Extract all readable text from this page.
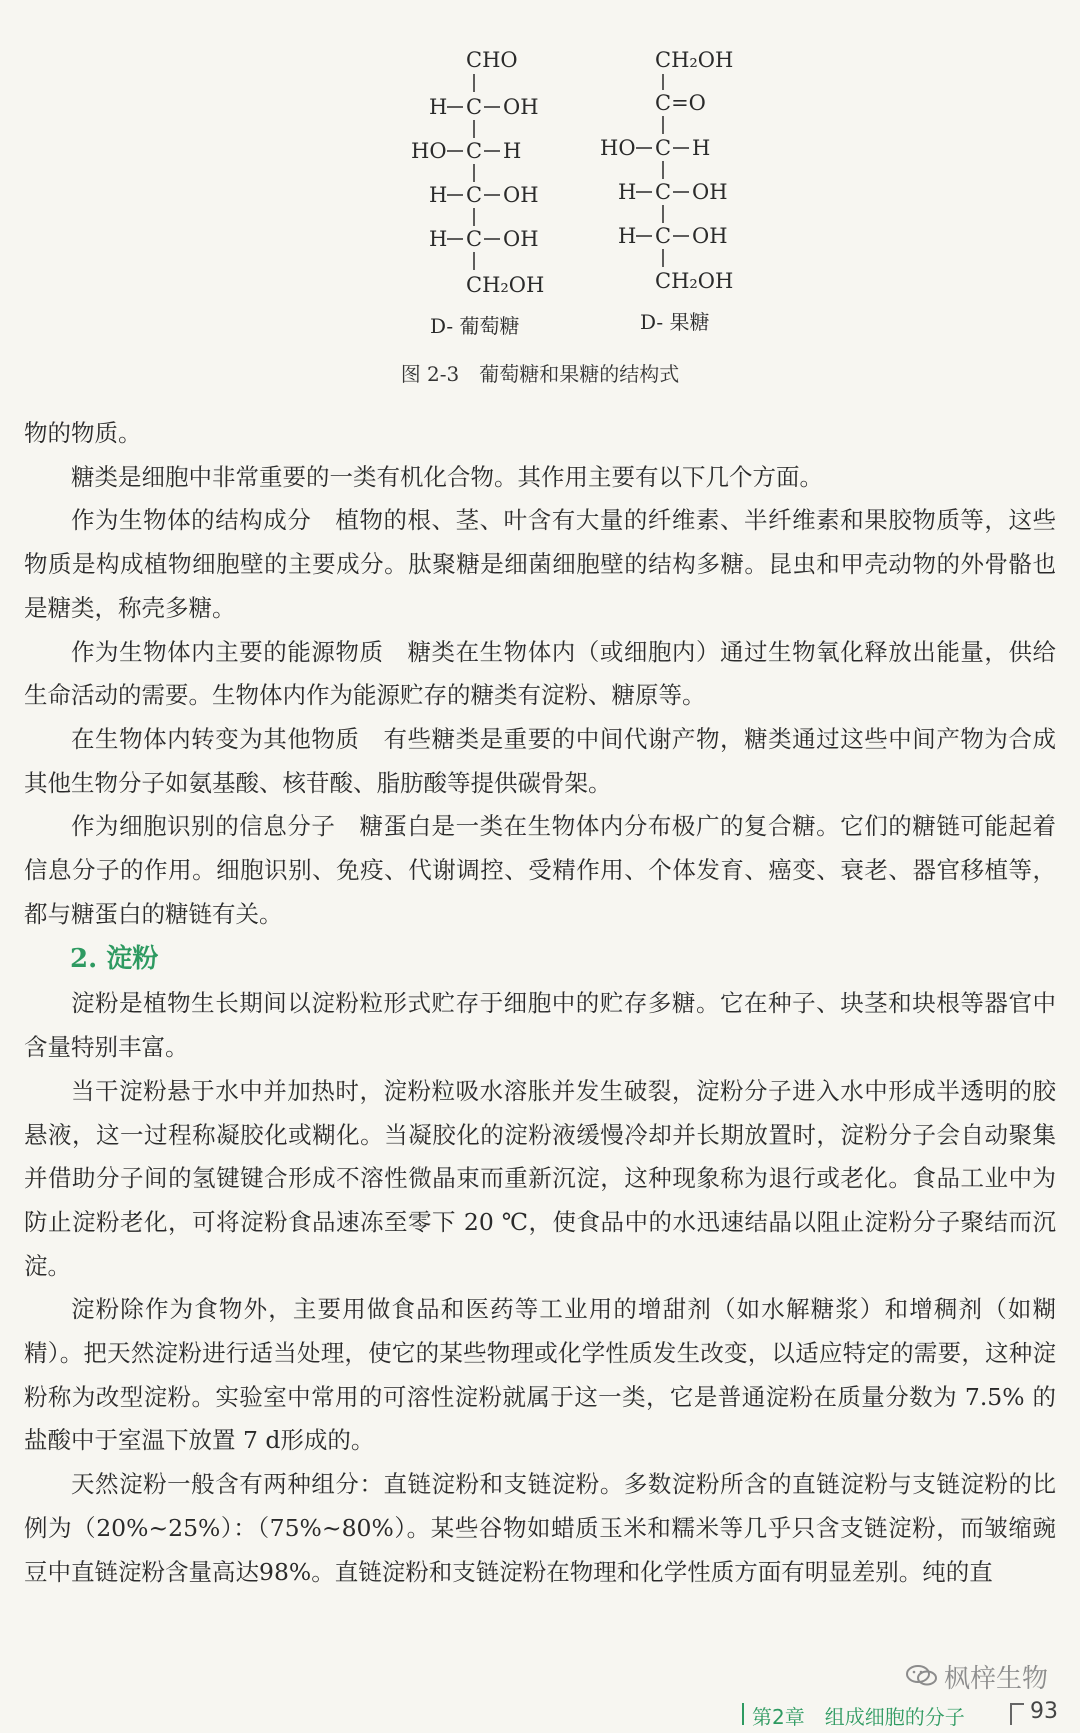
CHO
H C OH
HO C H
H C OH
H C OH
CH₂OH
D- 葡萄糖
CH₂OH
C=O
HO C H
H C OH
H C OH
CH₂OH
D- 果糖
图 2-3　葡萄糖和果糖的结构式

物的物质。

糖类是细胞中非常重要的一类有机化合物。其作用主要有以下几个方面。

作为生物体的结构成分　植物的根、茎、叶含有大量的纤维素、半纤维素和果胶物质等，这些物质是构成植物细胞壁的主要成分。肽聚糖是细菌细胞壁的结构多糖。昆虫和甲壳动物的外骨骼也是糖类，称壳多糖。

作为生物体内主要的能源物质　糖类在生物体内（或细胞内）通过生物氧化释放出能量，供给生命活动的需要。生物体内作为能源贮存的糖类有淀粉、糖原等。

在生物体内转变为其他物质　有些糖类是重要的中间代谢产物，糖类通过这些中间产物为合成其他生物分子如氨基酸、核苷酸、脂肪酸等提供碳骨架。

作为细胞识别的信息分子　糖蛋白是一类在生物体内分布极广的复合糖。它们的糖链可能起着信息分子的作用。细胞识别、免疫、代谢调控、受精作用、个体发育、癌变、衰老、器官移植等，都与糖蛋白的糖链有关。

2. 淀粉

淀粉是植物生长期间以淀粉粒形式贮存于细胞中的贮存多糖。它在种子、块茎和块根等器官中含量特别丰富。

当干淀粉悬于水中并加热时，淀粉粒吸水溶胀并发生破裂，淀粉分子进入水中形成半透明的胶悬液，这一过程称凝胶化或糊化。当凝胶化的淀粉液缓慢冷却并长期放置时，淀粉分子会自动聚集并借助分子间的氢键键合形成不溶性微晶束而重新沉淀，这种现象称为退行或老化。食品工业中为防止淀粉老化，可将淀粉食品速冻至零下 20 ℃，使食品中的水迅速结晶以阻止淀粉分子聚结而沉淀。

淀粉除作为食物外，主要用做食品和医药等工业用的增甜剂（如水解糖浆）和增稠剂（如糊精）。把天然淀粉进行适当处理，使它的某些物理或化学性质发生改变，以适应特定的需要，这种淀粉称为改型淀粉。实验室中常用的可溶性淀粉就属于这一类，它是普通淀粉在质量分数为 7.5% 的盐酸中于室温下放置 7 d形成的。

天然淀粉一般含有两种组分：直链淀粉和支链淀粉。多数淀粉所含的直链淀粉与支链淀粉的比例为（20%~25%）：（75%~80%）。某些谷物如蜡质玉米和糯米等几乎只含支链淀粉，而皱缩豌豆中直链淀粉含量高达98%。直链淀粉和支链淀粉在物理和化学性质方面有明显差别。纯的直

枫梓生物
第2章　组成细胞的分子	93
